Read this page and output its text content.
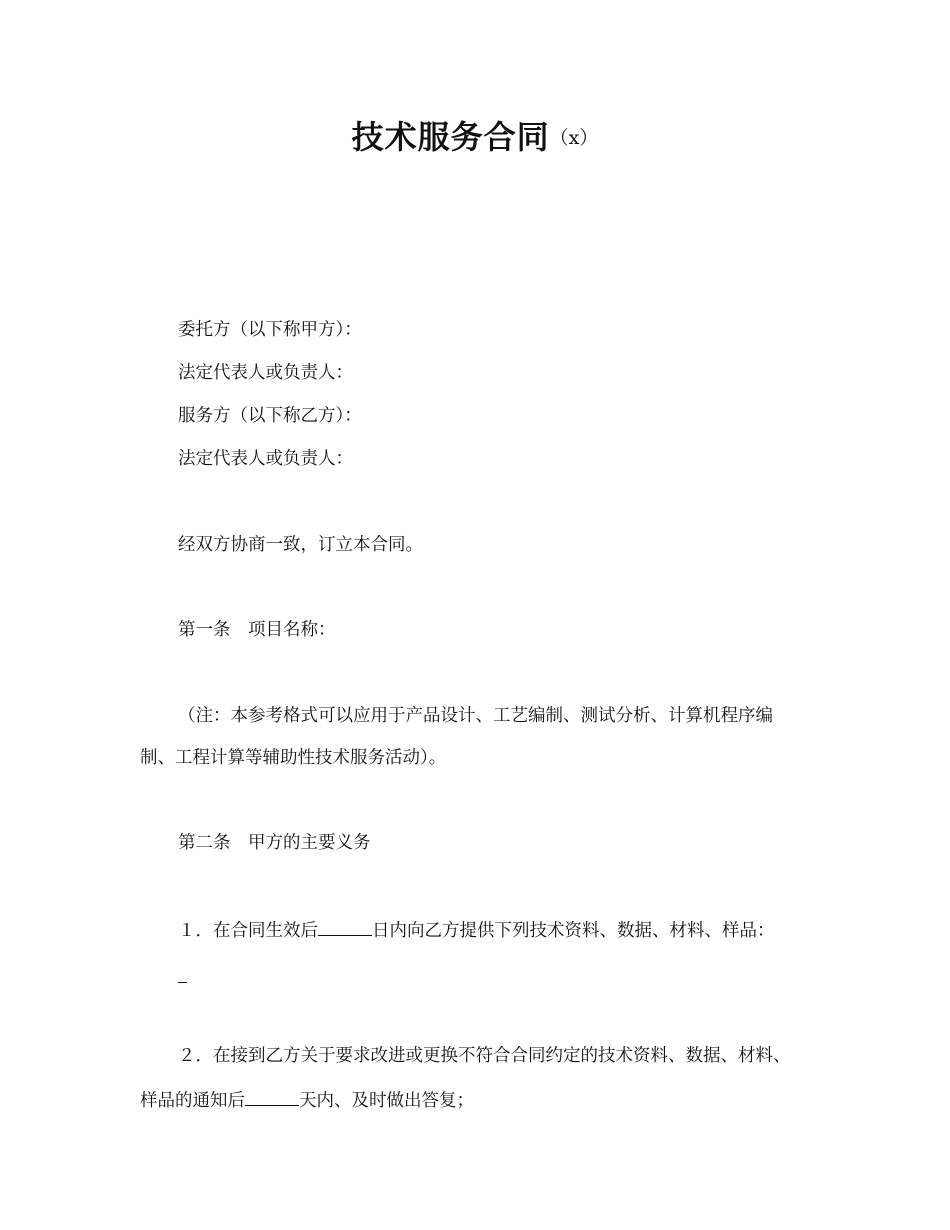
技术服务合同（x）
委托方（以下称甲方）：
法定代表人或负责人：
服务方（以下称乙方）：
法定代表人或负责人：
经双方协商一致，订立本合同。
第一条　项目名称：
（注：本参考格式可以应用于产品设计、工艺编制、测试分析、计算机程序编
制、工程计算等辅助性技术服务活动）。
第二条　甲方的主要义务
１．在合同生效后	日内向乙方提供下列技术资料、数据、材料、样品：
２．在接到乙方关于要求改进或更换不符合合同约定的技术资料、数据、材料、
样品的通知后	天内、及时做出答复；
